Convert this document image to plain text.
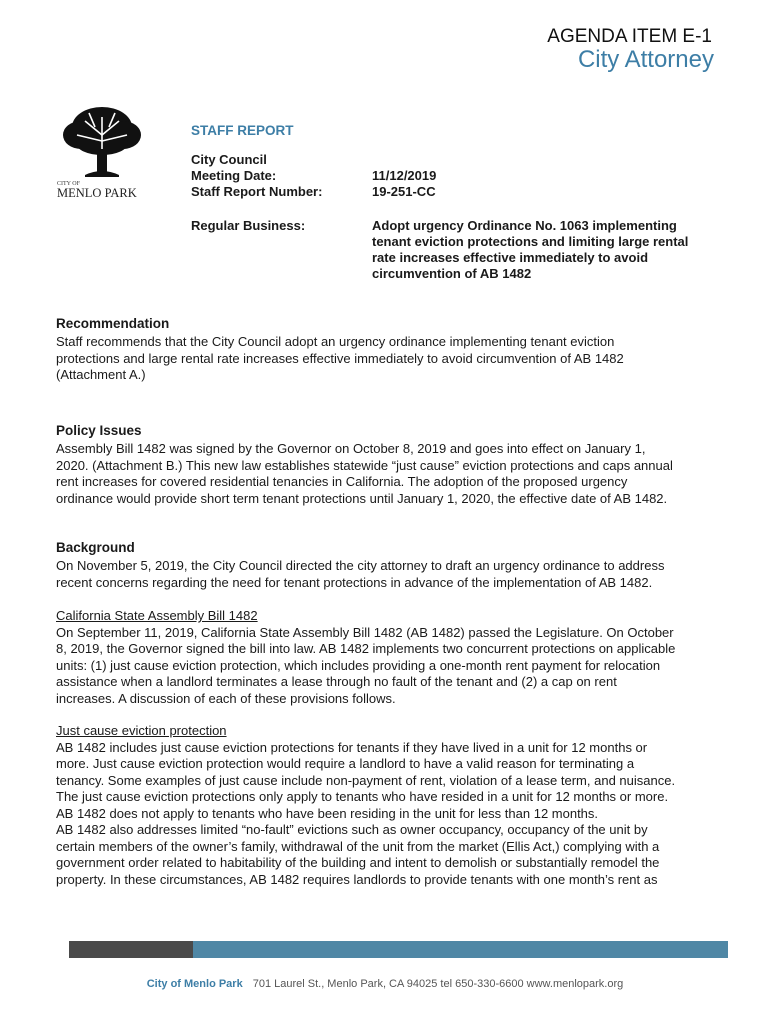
AGENDA ITEM E-1
City Attorney
CITY OF
MENLO PARK
STAFF REPORT
City Council
Meeting Date:	11/12/2019
Staff Report Number:	19-251-CC
Regular Business:	Adopt urgency Ordinance No. 1063 implementing
tenant eviction protections and limiting large rental
rate increases effective immediately to avoid
circumvention of AB 1482
Recommendation
Staff recommends that the City Council adopt an urgency ordinance implementing tenant eviction
protections and large rental rate increases effective immediately to avoid circumvention of AB 1482
(Attachment A.)
Policy Issues
Assembly Bill 1482 was signed by the Governor on October 8, 2019 and goes into effect on January 1,
2020. (Attachment B.) This new law establishes statewide “just cause” eviction protections and caps annual
rent increases for covered residential tenancies in California. The adoption of the proposed urgency
ordinance would provide short term tenant protections until January 1, 2020, the effective date of AB 1482.
Background
On November 5, 2019, the City Council directed the city attorney to draft an urgency ordinance to address
recent concerns regarding the need for tenant protections in advance of the implementation of AB 1482.
California State Assembly Bill 1482
On September 11, 2019, California State Assembly Bill 1482 (AB 1482) passed the Legislature. On October
8, 2019, the Governor signed the bill into law. AB 1482 implements two concurrent protections on applicable
units: (1) just cause eviction protection, which includes providing a one-month rent payment for relocation
assistance when a landlord terminates a lease through no fault of the tenant and (2) a cap on rent
increases. A discussion of each of these provisions follows.
Just cause eviction protection
AB 1482 includes just cause eviction protections for tenants if they have lived in a unit for 12 months or
more. Just cause eviction protection would require a landlord to have a valid reason for terminating a
tenancy. Some examples of just cause include non-payment of rent, violation of a lease term, and nuisance.
The just cause eviction protections only apply to tenants who have resided in a unit for 12 months or more.
AB 1482 does not apply to tenants who have been residing in the unit for less than 12 months.
AB 1482 also addresses limited “no-fault” evictions such as owner occupancy, occupancy of the unit by
certain members of the owner’s family, withdrawal of the unit from the market (Ellis Act,) complying with a
government order related to habitability of the building and intent to demolish or substantially remodel the
property. In these circumstances, AB 1482 requires landlords to provide tenants with one month’s rent as
City of Menlo Park 701 Laurel St., Menlo Park, CA 94025 tel 650-330-6600 www.menlopark.org
